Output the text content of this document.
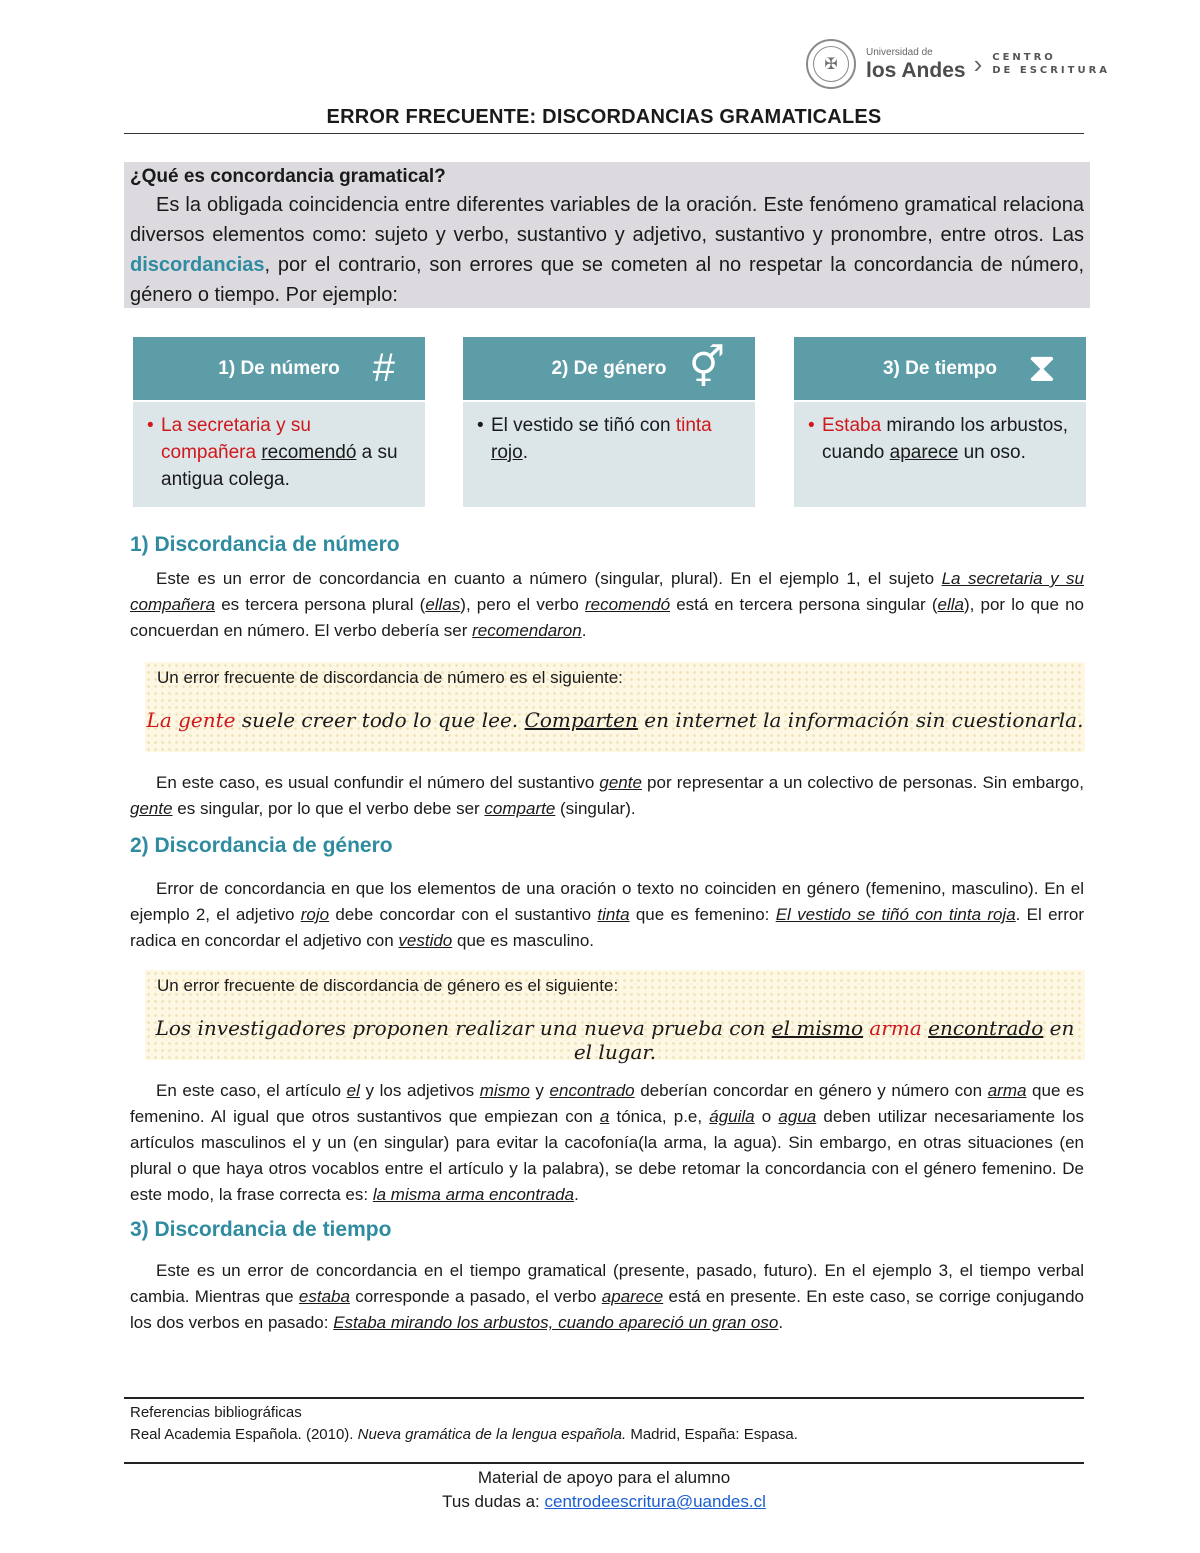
✠
Universidad de
los Andes › CENTRO
DE ESCRITURA
ERROR FRECUENTE: DISCORDANCIAS GRAMATICALES
¿Qué es concordancia gramatical?

Es la obligada coincidencia entre diferentes variables de la oración. Este fenómeno gramatical relaciona diversos elementos como: sujeto y verbo, sustantivo y adjetivo, sustantivo y pronombre, entre otros. Las discordancias, por el contrario, son errores que se cometen al no respetar la concordancia de número, género o tiempo. Por ejemplo:

1) De número #
• La secretaria y su compañera recomendó a su antigua colega.
2) De género ⚥
• El vestido se tiñó con tinta rojo.
3) De tiempo ⧗
• Estaba mirando los arbustos, cuando aparece un oso.
1) Discordancia de número

Este es un error de concordancia en cuanto a número (singular, plural). En el ejemplo 1, el sujeto La secretaria y su compañera es tercera persona plural (ellas), pero el verbo recomendó está en tercera persona singular (ella), por lo que no concuerdan en número. El verbo debería ser recomendaron.

Un error frecuente de discordancia de número es el siguiente:
La gente suele creer todo lo que lee. Comparten en internet la información sin cuestionarla.

En este caso, es usual confundir el número del sustantivo gente por representar a un colectivo de personas. Sin embargo, gente es singular, por lo que el verbo debe ser comparte (singular).

2) Discordancia de género

Error de concordancia en que los elementos de una oración o texto no coinciden en género (femenino, masculino). En el ejemplo 2, el adjetivo rojo debe concordar con el sustantivo tinta que es femenino: El vestido se tiñó con tinta roja. El error radica en concordar el adjetivo con vestido que es masculino.

Un error frecuente de discordancia de género es el siguiente:
Los investigadores proponen realizar una nueva prueba con el mismo arma encontrado en el lugar.

En este caso, el artículo el y los adjetivos mismo y encontrado deberían concordar en género y número con arma que es femenino. Al igual que otros sustantivos que empiezan con a tónica, p.e, águila o agua deben utilizar necesariamente los artículos masculinos el y un (en singular) para evitar la cacofonía(la arma, la agua). Sin embargo, en otras situaciones (en plural o que haya otros vocablos entre el artículo y la palabra), se debe retomar la concordancia con el género femenino. De este modo, la frase correcta es: la misma arma encontrada.

3) Discordancia de tiempo

Este es un error de concordancia en el tiempo gramatical (presente, pasado, futuro). En el ejemplo 3, el tiempo verbal cambia. Mientras que estaba corresponde a pasado, el verbo aparece está en presente. En este caso, se corrige conjugando los dos verbos en pasado: Estaba mirando los arbustos, cuando apareció un gran oso.

Referencias bibliográficas
Real Academia Española. (2010). Nueva gramática de la lengua española. Madrid, España: Espasa.
Material de apoyo para el alumno
Tus dudas a: centrodeescritura@uandes.cl
